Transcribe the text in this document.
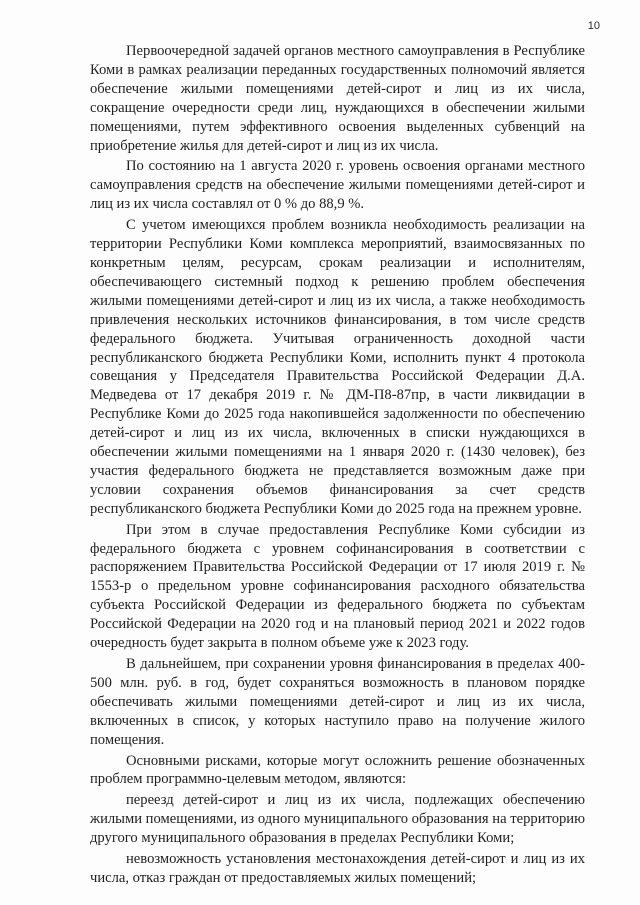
10

Первоочередной задачей органов местного самоуправления в Республике Коми в рамках реализации переданных государственных полномочий является обеспечение жилыми помещениями детей-сирот и лиц из их числа, сокращение очередности среди лиц, нуждающихся в обеспечении жилыми помещениями, путем эффективного освоения выделенных субвенций на приобретение жилья для детей-сирот и лиц из их числа.

По состоянию на 1 августа 2020 г. уровень освоения органами местного самоуправления средств на обеспечение жилыми помещениями детей-сирот и лиц из их числа составлял от 0 % до 88,9 %.

С учетом имеющихся проблем возникла необходимость реализации на территории Республики Коми комплекса мероприятий, взаимосвязанных по конкретным целям, ресурсам, срокам реализации и исполнителям, обеспечивающего системный подход к решению проблем обеспечения жилыми помещениями детей-сирот и лиц из их числа, а также необходимость привлечения нескольких источников финансирования, в том числе средств федерального бюджета. Учитывая ограниченность доходной части республиканского бюджета Республики Коми, исполнить пункт 4 протокола совещания у Председателя Правительства Российской Федерации Д.А. Медведева от 17 декабря 2019 г. № ДМ-П8-87пр, в части ликвидации в Республике Коми до 2025 года накопившейся задолженности по обеспечению детей-сирот и лиц из их числа, включенных в списки нуждающихся в обеспечении жилыми помещениями на 1 января 2020 г. (1430 человек), без участия федерального бюджета не представляется возможным даже при условии сохранения объемов финансирования за счет средств республиканского бюджета Республики Коми до 2025 года на прежнем уровне.

При этом в случае предоставления Республике Коми субсидии из федерального бюджета с уровнем софинансирования в соответствии с распоряжением Правительства Российской Федерации от 17 июля 2019 г. № 1553-р о предельном уровне софинансирования расходного обязательства субъекта Российской Федерации из федерального бюджета по субъектам Российской Федерации на 2020 год и на плановый период 2021 и 2022 годов очередность будет закрыта в полном объеме уже к 2023 году.

В дальнейшем, при сохранении уровня финансирования в пределах 400-500 млн. руб. в год, будет сохраняться возможность в плановом порядке обеспечивать жилыми помещениями детей-сирот и лиц из их числа, включенных в список, у которых наступило право на получение жилого помещения.

Основными рисками, которые могут осложнить решение обозначенных проблем программно-целевым методом, являются:

переезд детей-сирот и лиц из их числа, подлежащих обеспечению жилыми помещениями, из одного муниципального образования на территорию другого муниципального образования в пределах Республики Коми;

невозможность установления местонахождения детей-сирот и лиц из их числа, отказ граждан от предоставляемых жилых помещений;
